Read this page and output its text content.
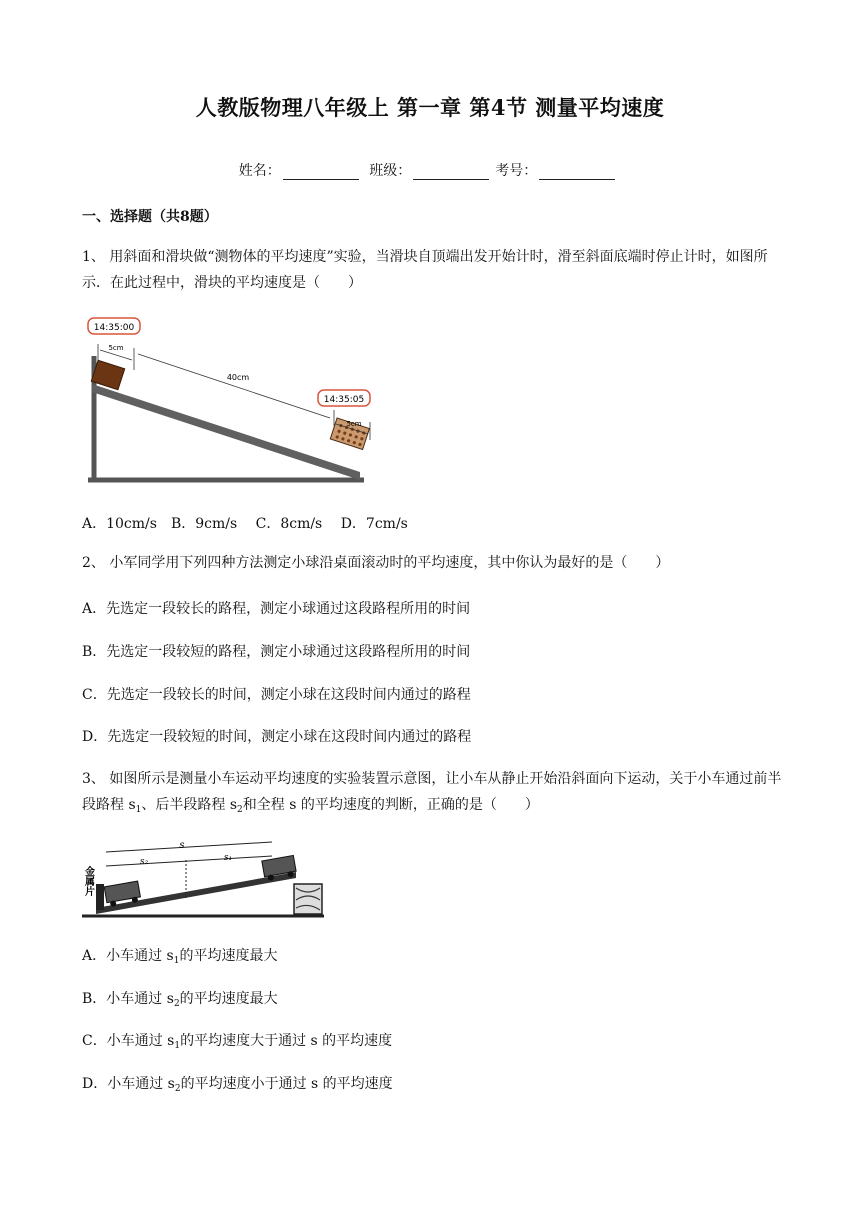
人教版物理八年级上 第一章 第4节 测量平均速度
姓名：	班级：	考号：
一、选择题（共8题）
1、 用斜面和滑块做“测物体的平均速度”实验，当滑块自顶端出发开始计时，滑至斜面底端时停止计时，如图所示．在此过程中，滑块的平均速度是（　　）
14:35:00
14:35:05
5cm
40cm
5cm
A．10cm/s　B．9cm/s　 C．8cm/s　 D．7cm/s
2、 小军同学用下列四种方法测定小球沿桌面滚动时的平均速度，其中你认为最好的是（　　）
A．先选定一段较长的路程，测定小球通过这段路程所用的时间
B．先选定一段较短的路程，测定小球通过这段路程所用的时间
C．先选定一段较长的时间，测定小球在这段时间内通过的路程
D．先选定一段较短的时间，测定小球在这段时间内通过的路程
3、 如图所示是测量小车运动平均速度的实验装置示意图，让小车从静止开始沿斜面向下运动，关于小车通过前半段路程 $s_1$、后半段路程 $s_2$和全程 s 的平均速度的判断，正确的是（　　）
金属片
s
s₂	s₁
A．小车通过 $s_1$的平均速度最大
B．小车通过 $s_2$的平均速度最大
C．小车通过 $s_1$的平均速度大于通过 s 的平均速度
D．小车通过 $s_2$的平均速度小于通过 s 的平均速度
